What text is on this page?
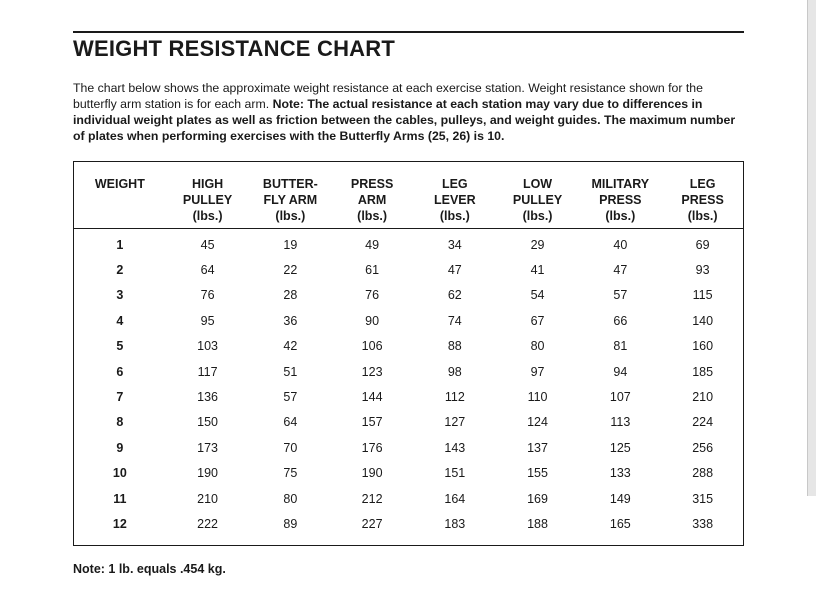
WEIGHT RESISTANCE CHART

The chart below shows the approximate weight resistance at each exercise station. Weight resistance shown for the butterfly arm station is for each arm. Note: The actual resistance at each station may vary due to differences in individual weight plates as well as friction between the cables, pulleys, and weight guides. The maximum number of plates when performing exercises with the Butterfly Arms (25, 26) is 10.

WEIGHT	HIGH
PULLEY
(lbs.)	BUTTER-
FLY ARM
(lbs.)	PRESS
ARM
(lbs.)	LEG
LEVER
(lbs.)	LOW
PULLEY
(lbs.)	MILITARY
PRESS
(lbs.)	LEG
PRESS
(lbs.)

1	45	19	49	34	29	40	69
2	64	22	61	47	41	47	93
3	76	28	76	62	54	57	115
4	95	36	90	74	67	66	140
5	103	42	106	88	80	81	160
6	117	51	123	98	97	94	185
7	136	57	144	112	110	107	210
8	150	64	157	127	124	113	224
9	173	70	176	143	137	125	256
10	190	75	190	151	155	133	288
11	210	80	212	164	169	149	315
12	222	89	227	183	188	165	338
Note: 1 lb. equals .454 kg.
